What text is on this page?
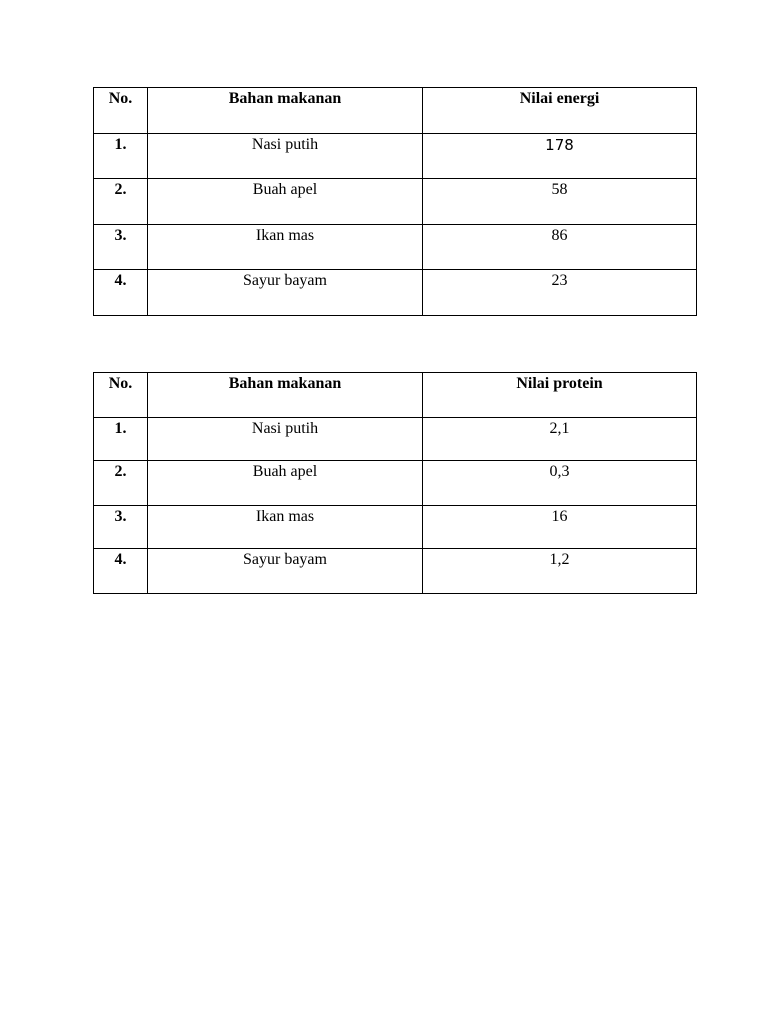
No.	Bahan makanan	Nilai energi
1.	Nasi putih	178
2.	Buah apel	58
3.	Ikan mas	86
4.	Sayur bayam	23
No.	Bahan makanan	Nilai protein
1.	Nasi putih	2,1
2.	Buah apel	0,3
3.	Ikan mas	16
4.	Sayur bayam	1,2
